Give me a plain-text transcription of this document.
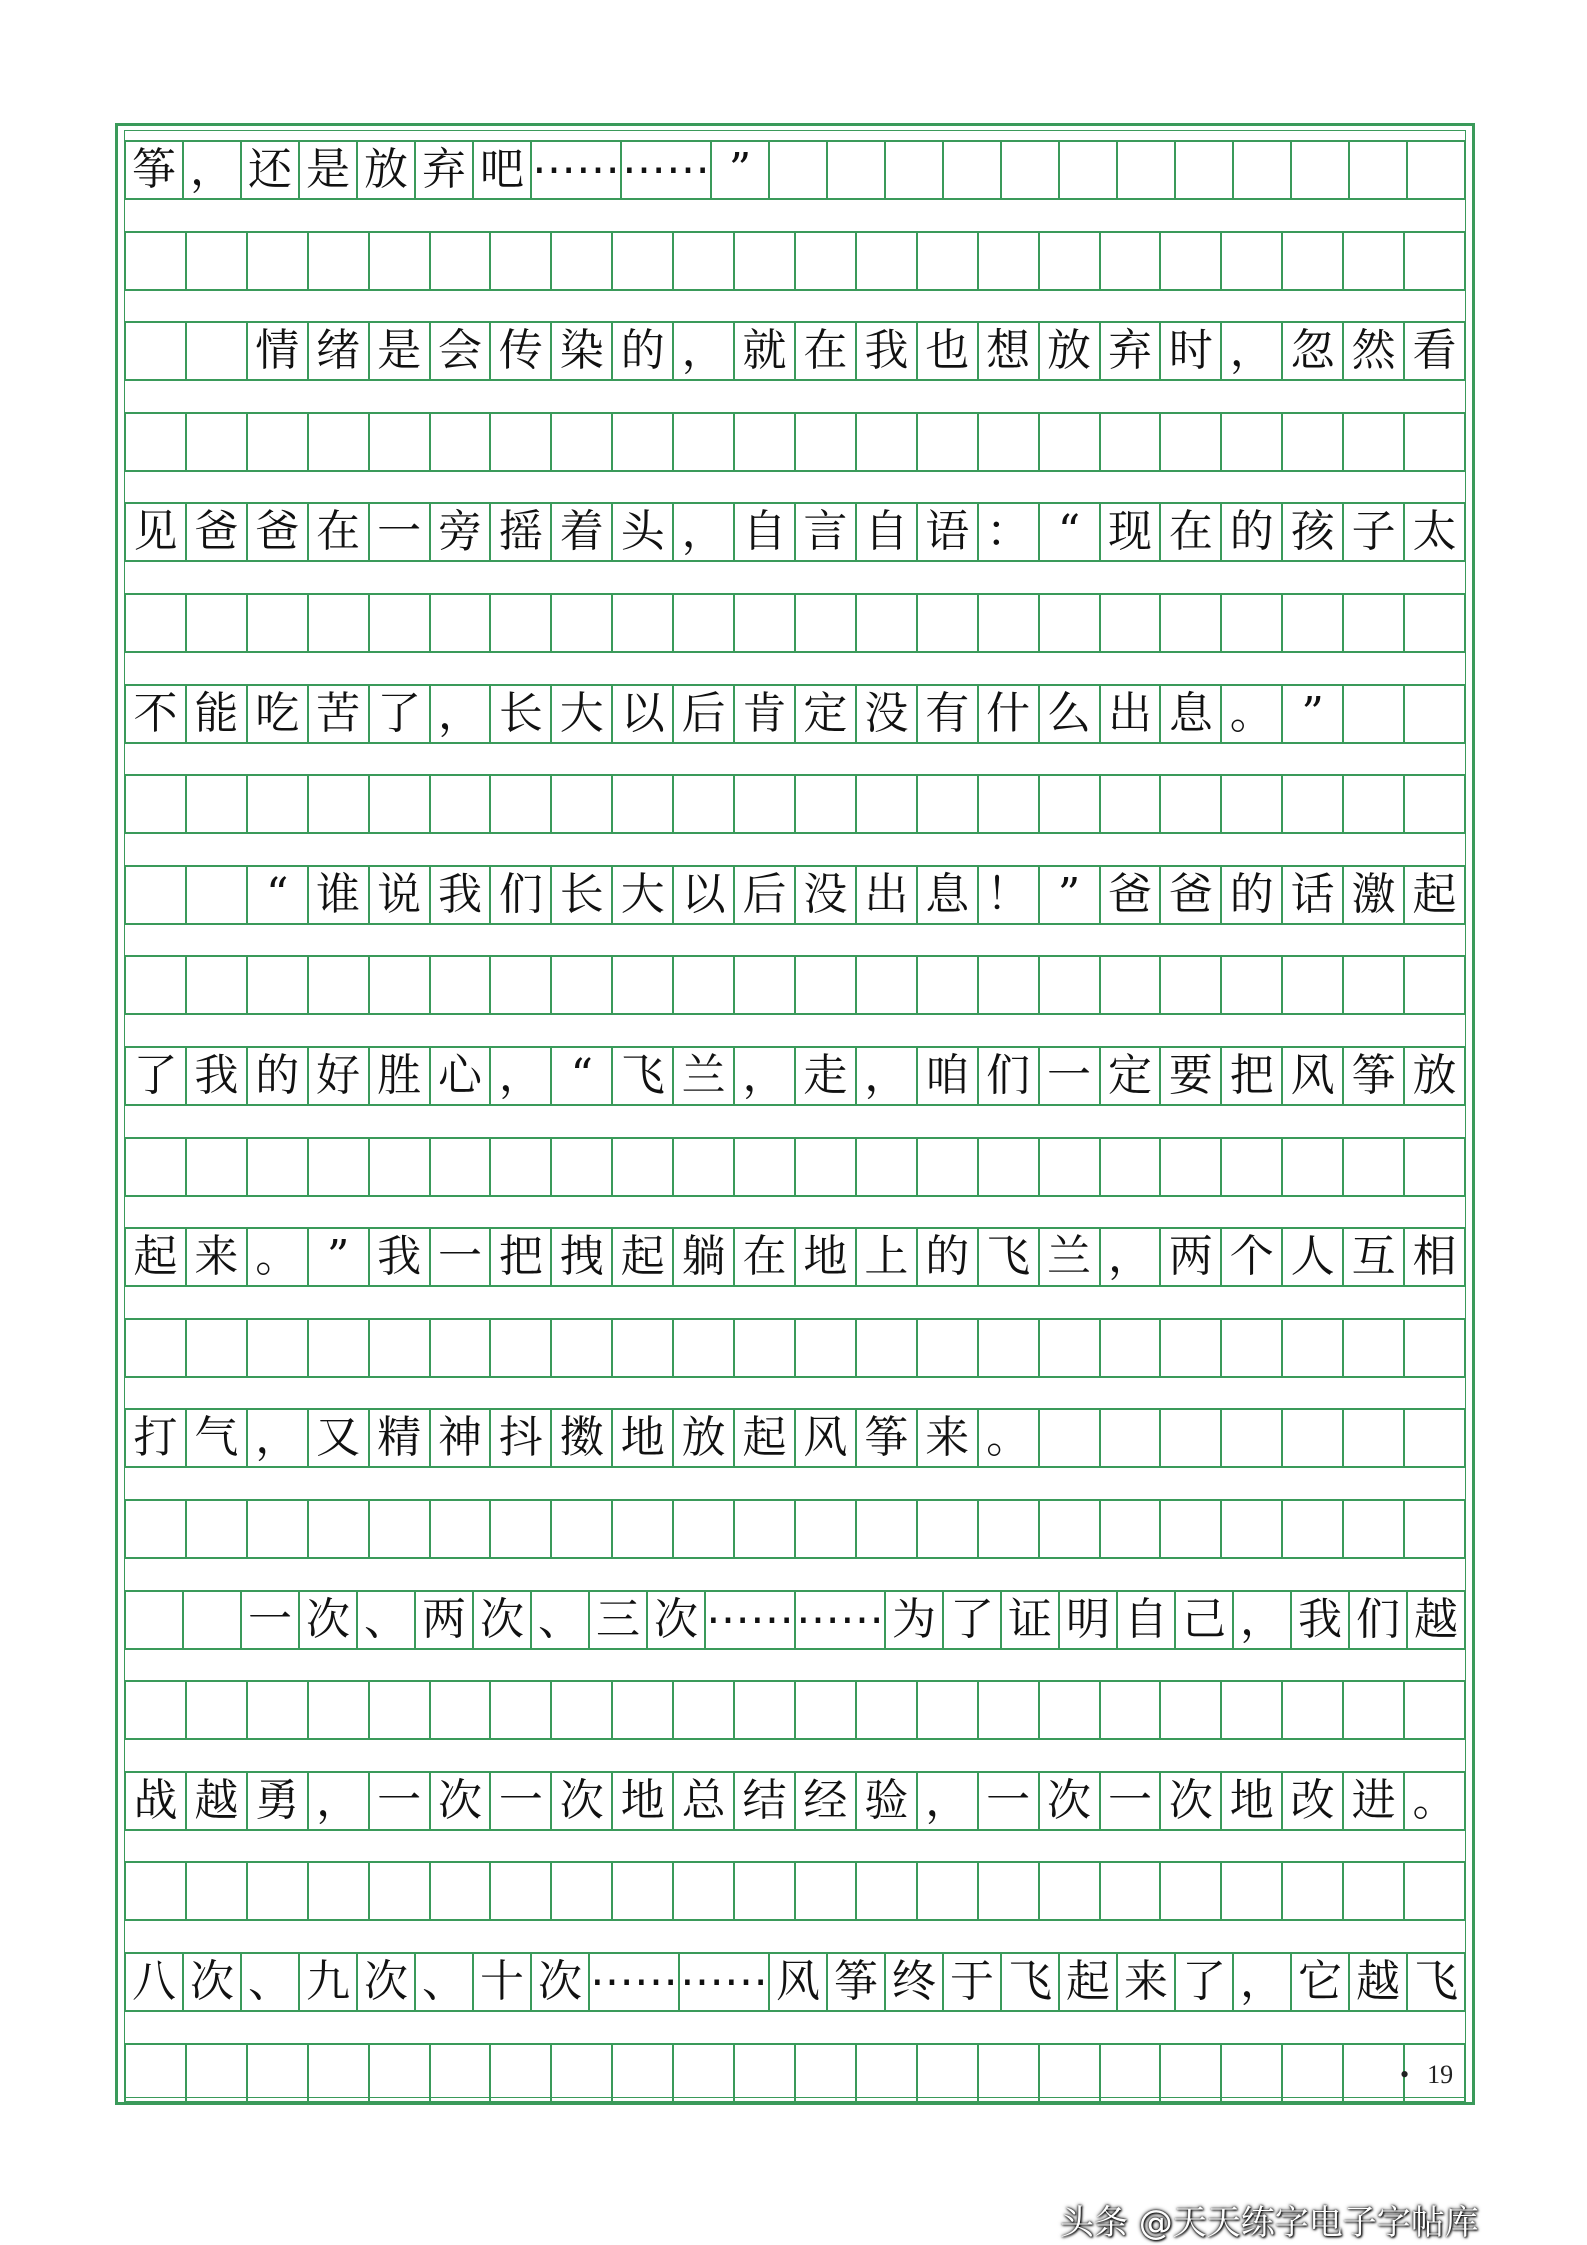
筝 ， 还 是 放 弃 吧 ⋯⋯ ⋯⋯ ”
情 绪 是 会 传 染 的 ， 就 在 我 也 想 放 弃 时 ， 忽 然 看
见 爸 爸 在 一 旁 摇 着 头 ， 自 言 自 语 ： “ 现 在 的 孩 子 太
不 能 吃 苦 了 ， 长 大 以 后 肯 定 没 有 什 么 出 息 。 ”
“ 谁 说 我 们 长 大 以 后 没 出 息 ！ ” 爸 爸 的 话 激 起
了 我 的 好 胜 心 ， “ 飞 兰 ， 走 ， 咱 们 一 定 要 把 风 筝 放
起 来 。 ” 我 一 把 拽 起 躺 在 地 上 的 飞 兰 ， 两 个 人 互 相
打 气 ， 又 精 神 抖 擞 地 放 起 风 筝 来 。
一 次 、 两 次 、 三 次 ⋯⋯ ⋯⋯ 为 了 证 明 自 己 ， 我 们 越
战 越 勇 ， 一 次 一 次 地 总 结 经 验 ， 一 次 一 次 地 改 进 。
八 次 、 九 次 、 十 次 ⋯⋯ ⋯⋯ 风 筝 终 于 飞 起 来 了 ， 它 越 飞
• 19
头条 @天天练字电子字帖库
